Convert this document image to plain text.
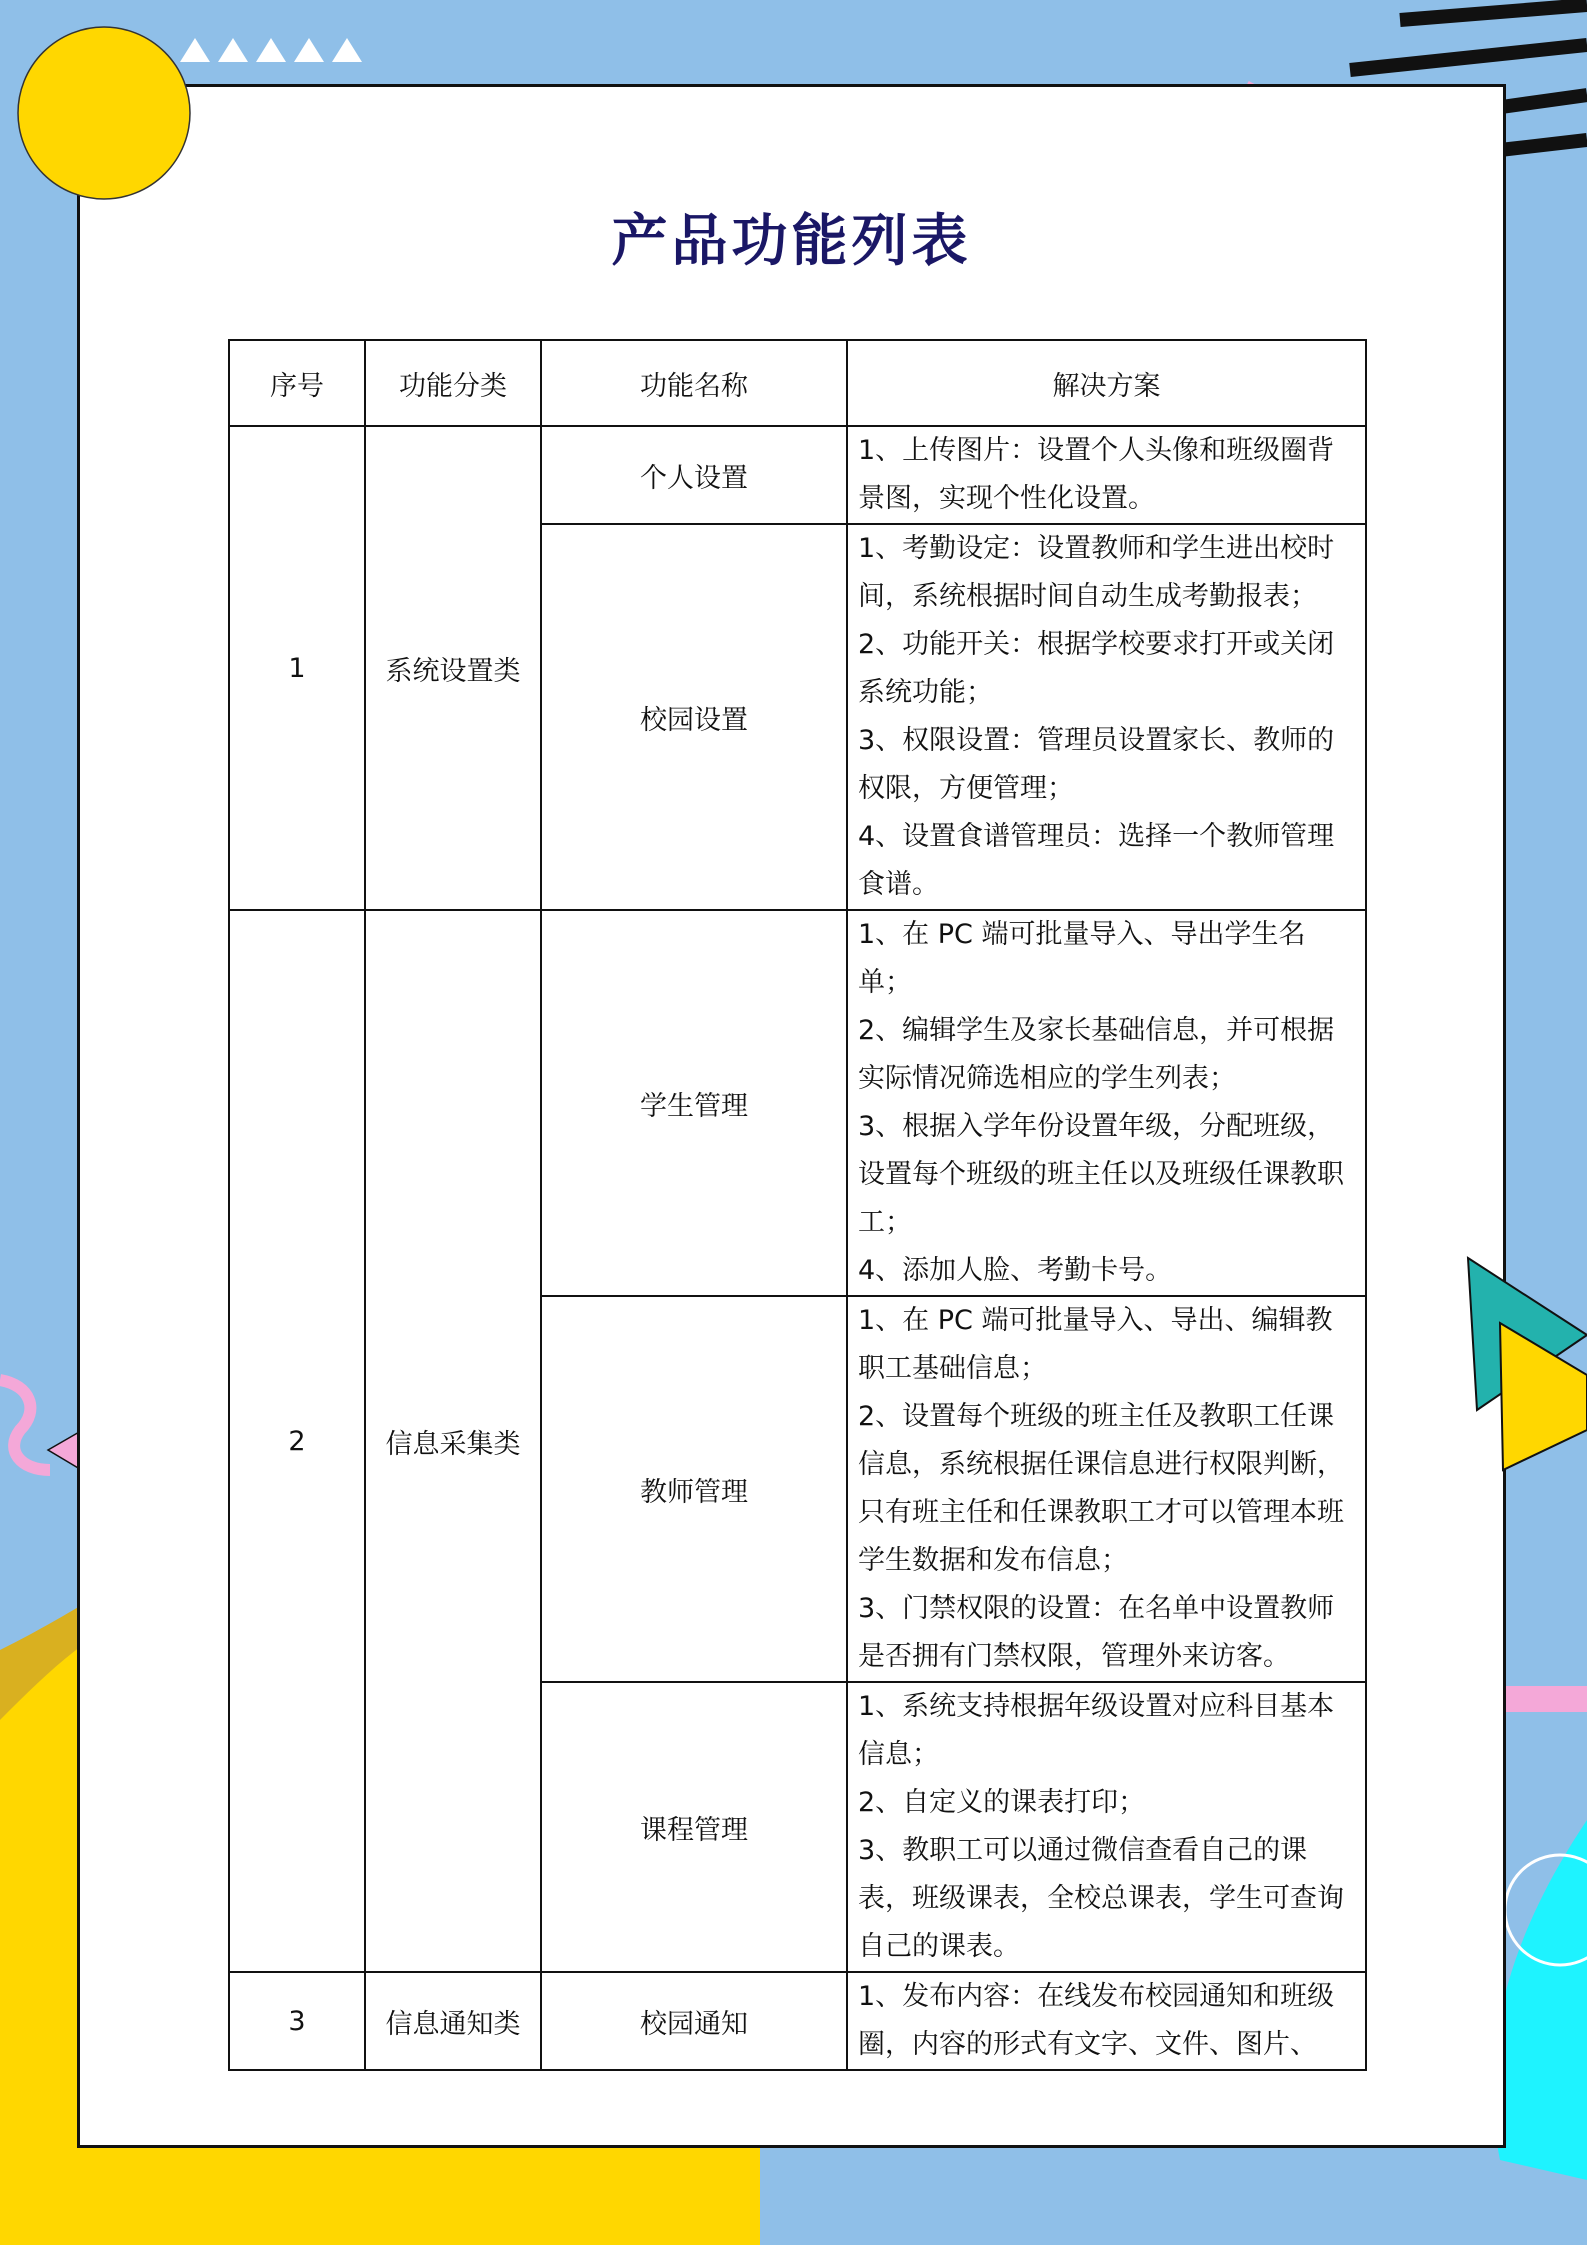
产品功能列表
序号	功能分类	功能名称	解决方案
1	系统设置类	个人设置	1、上传图片：设置个人头像和班级圈背景图，实现个性化设置。

		校园设置	1、考勤设定：设置教师和学生进出校时间，系统根据时间自动生成考勤报表；
2、功能开关：根据学校要求打开或关闭系统功能；
3、权限设置：管理员设置家长、教师的权限，方便管理；
4、设置食谱管理员：选择一个教师管理食谱。

2	信息采集类	学生管理	1、在 PC 端可批量导入、导出学生名单；
2、编辑学生及家长基础信息，并可根据实际情况筛选相应的学生列表；
3、根据入学年份设置年级，分配班级，设置每个班级的班主任以及班级任课教职工；
4、添加人脸、考勤卡号。

		教师管理	1、在 PC 端可批量导入、导出、编辑教职工基础信息；
2、设置每个班级的班主任及教职工任课信息，系统根据任课信息进行权限判断，只有班主任和任课教职工才可以管理本班学生数据和发布信息；
3、门禁权限的设置：在名单中设置教师是否拥有门禁权限，管理外来访客。

		课程管理	1、系统支持根据年级设置对应科目基本信息；
2、自定义的课表打印；
3、教职工可以通过微信查看自己的课表，班级课表，全校总课表，学生可查询自己的课表。

3	信息通知类	校园通知	1、发布内容：在线发布校园通知和班级圈，内容的形式有文字、文件、图片、
